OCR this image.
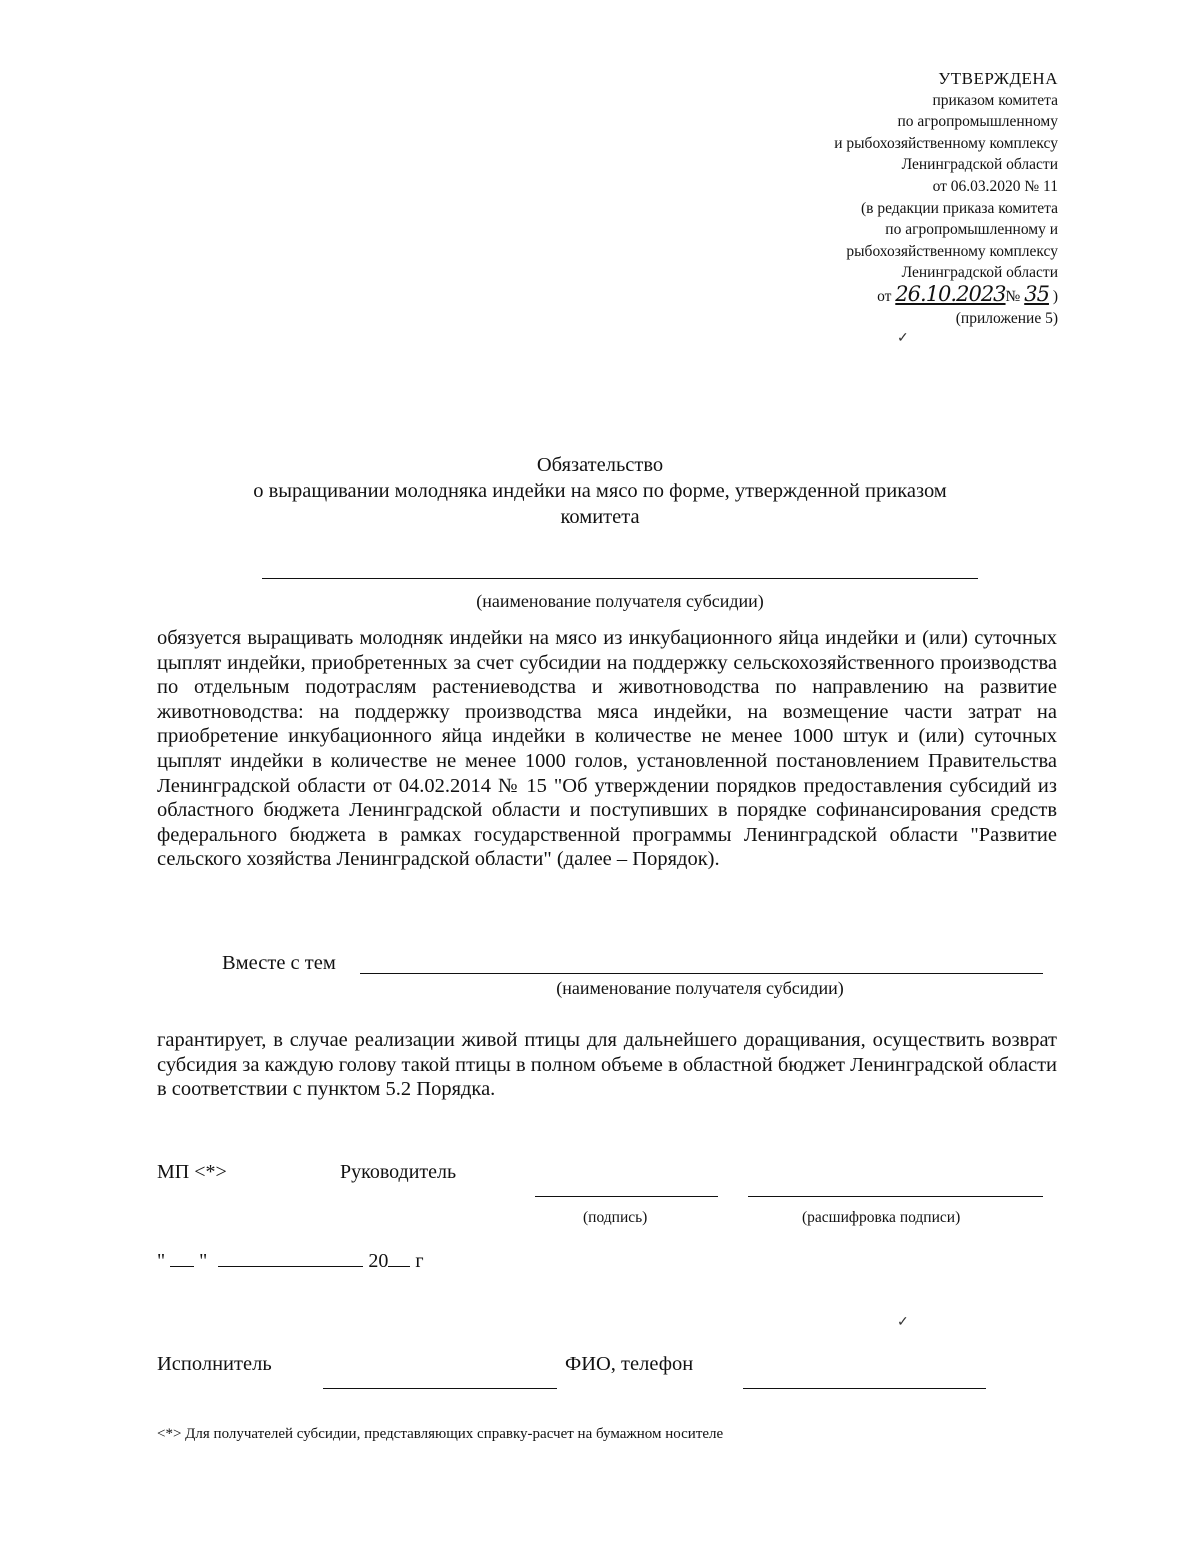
УТВЕРЖДЕНА
приказом комитета
по агропромышленному
и рыбохозяйственному комплексу
Ленинградской области
от 06.03.2020 № 11
(в редакции приказа комитета
по агропромышленному и
рыбохозяйственному комплексу
Ленинградской области
от 26.10.2023№ 35 )
(приложение 5)
✓
Обязательство
о выращивании молодняка индейки на мясо по форме, утвержденной приказом
комитета
(наименование получателя субсидии)

обязуется выращивать молодняк индейки на мясо из инкубационного яйца индейки и (или) суточных цыплят индейки, приобретенных за счет субсидии на поддержку сельскохозяйственного производства по отдельным подотраслям растениеводства и животноводства по направлению на развитие животноводства: на поддержку производства мяса индейки, на возмещение части затрат на приобретение инкубационного яйца индейки в количестве не менее 1000 штук и (или) суточных цыплят индейки в количестве не менее 1000 голов, установленной постановлением Правительства Ленинградской области от 04.02.2014 № 15 "Об утверждении порядков предоставления субсидий из областного бюджета Ленинградской области и поступивших в порядке софинансирования средств федерального бюджета в рамках государственной программы Ленинградской области "Развитие сельского хозяйства Ленинградской области" (далее – Порядок).

Вместе с тем
(наименование получателя субсидии)

гарантирует, в случае реализации живой птицы для дальнейшего доращивания, осуществить возврат субсидия за каждую голову такой птицы в полном объеме в областной бюджет Ленинградской области в соответствии с пунктом 5.2 Порядка.

МП <*>	Руководитель
(подпись)	(расшифровка подписи)
" "	20 г
✓
Исполнитель	ФИО, телефон
<*> Для получателей субсидии, представляющих справку-расчет на бумажном носителе
